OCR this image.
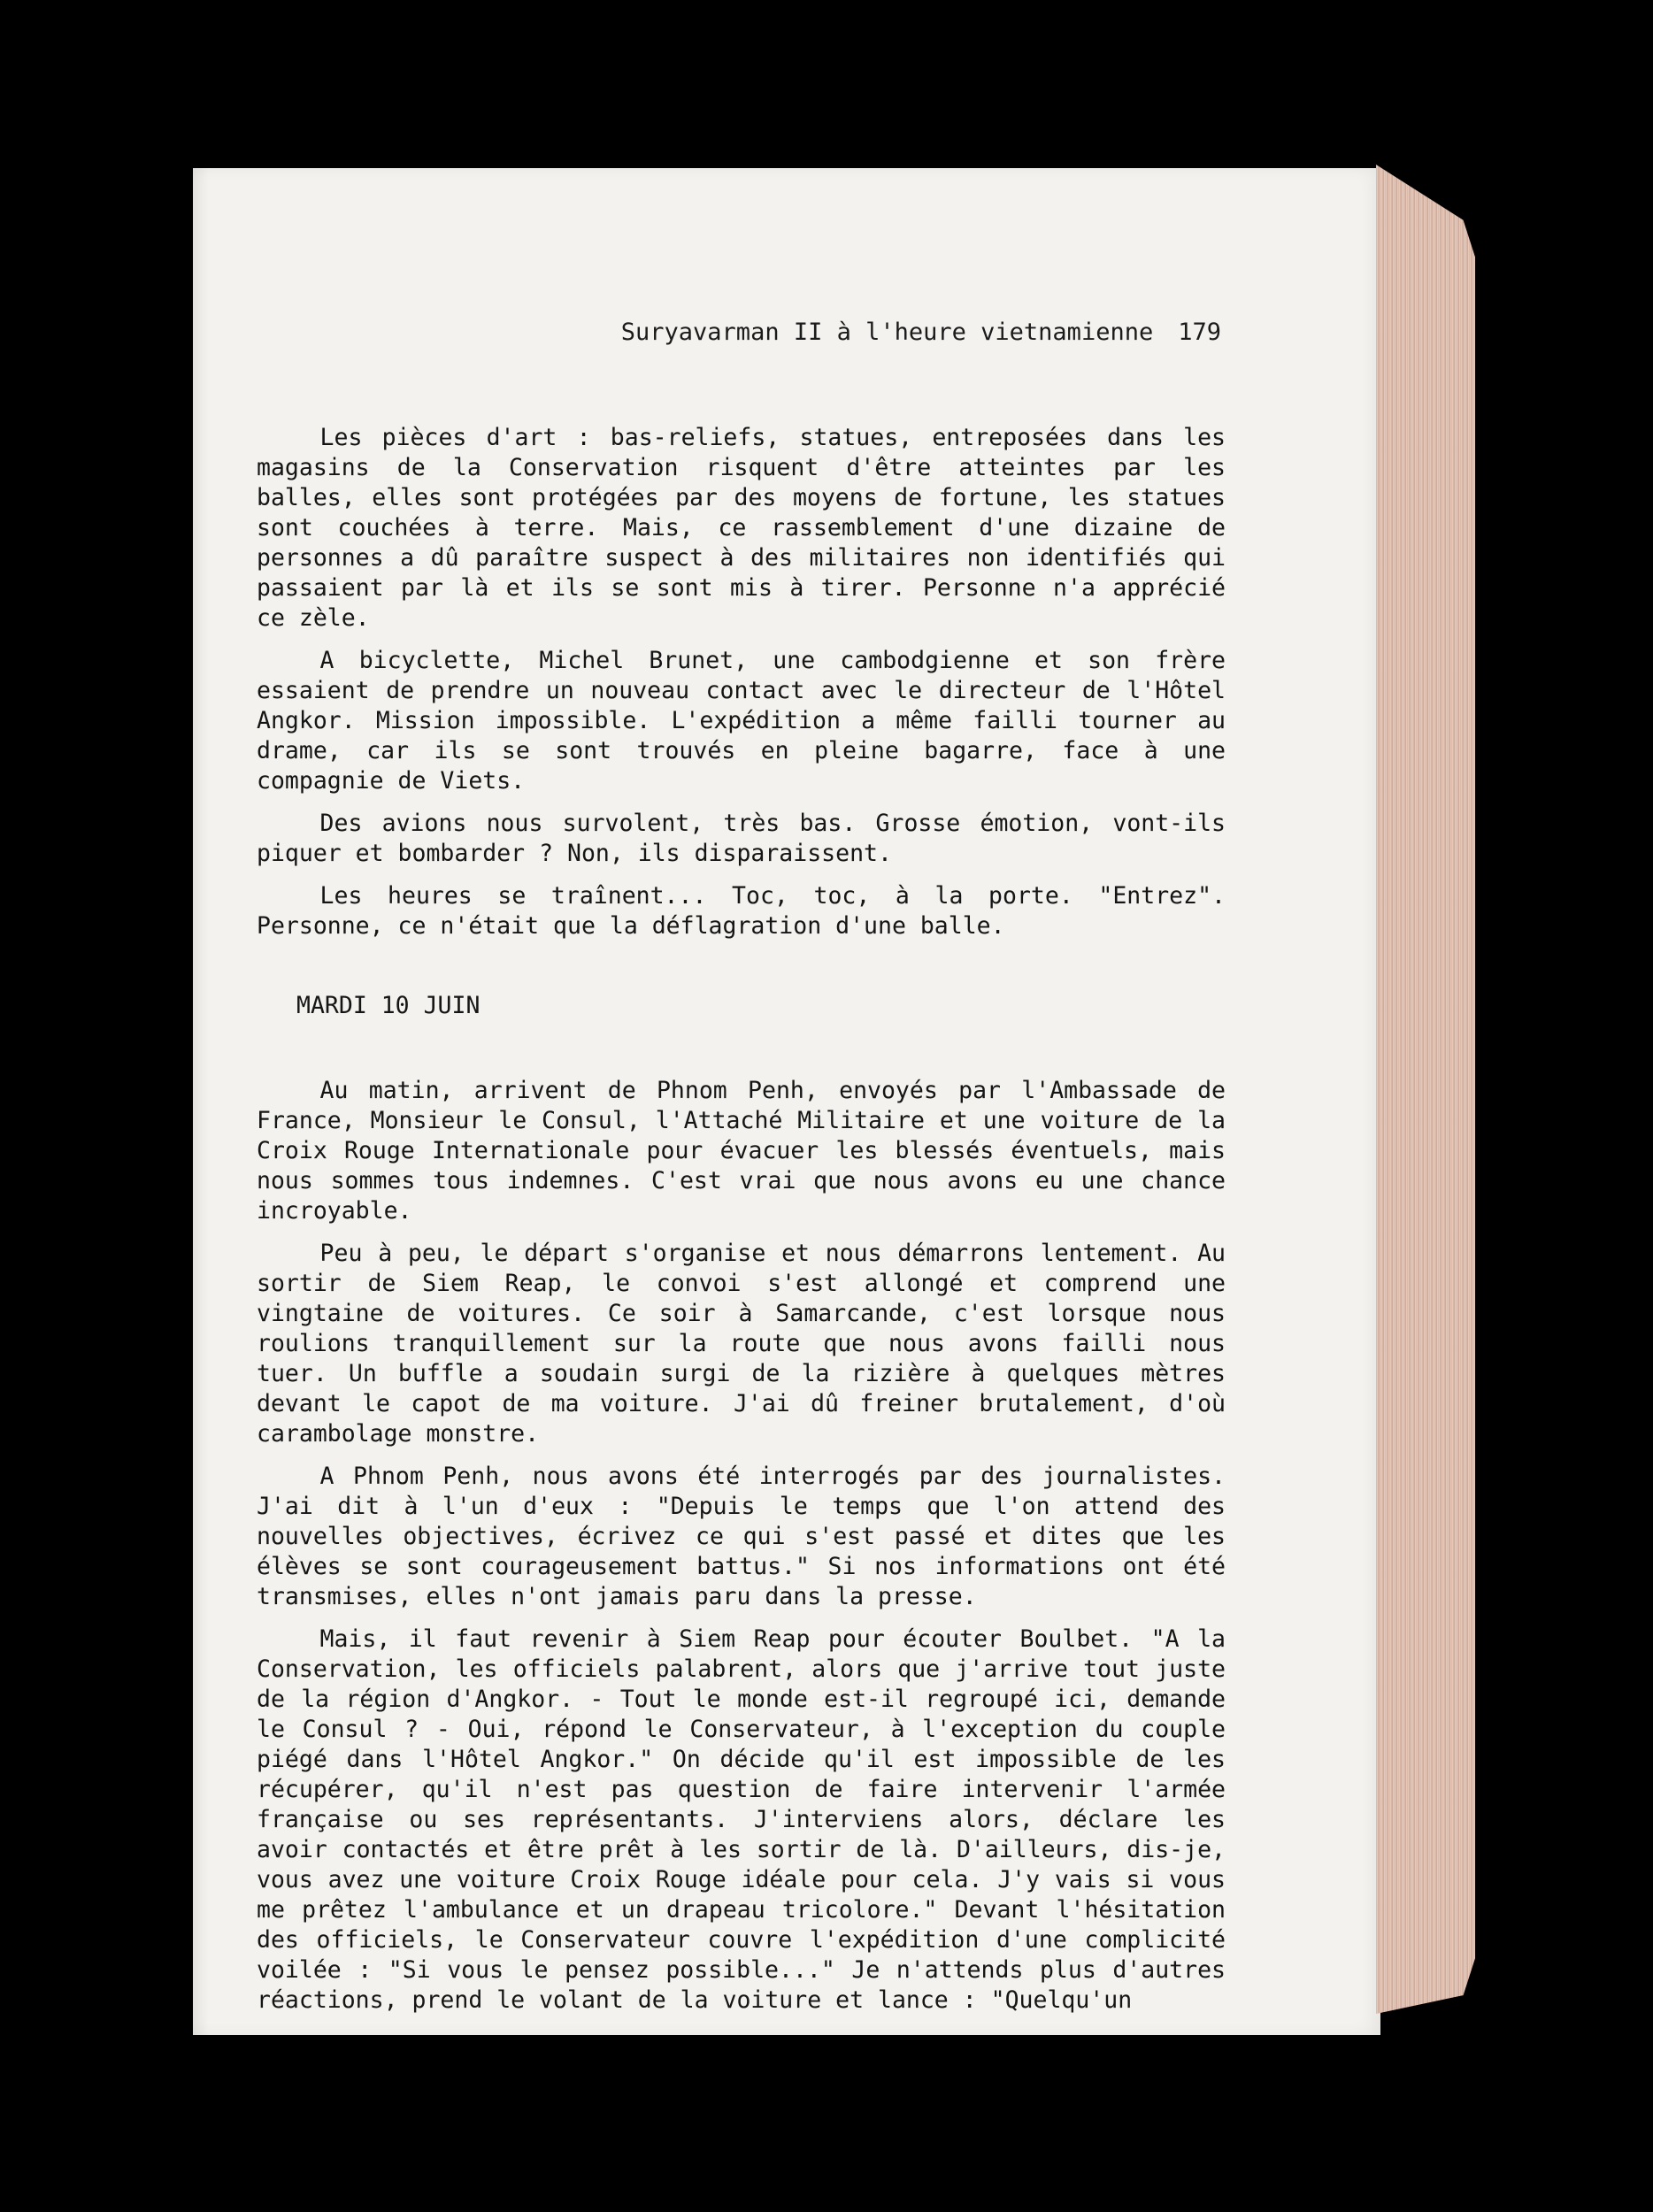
Suryavarman II à l'heure vietnamienne 179

Les pièces d'art : bas-reliefs, statues, entreposées dans les magasins de la Conservation risquent d'être atteintes par les balles, elles sont protégées par des moyens de fortune, les statues sont couchées à terre. Mais, ce rassemblement d'une dizaine de personnes a dû paraître suspect à des militaires non identifiés qui passaient par là et ils se sont mis à tirer. Personne n'a apprécié ce zèle.

A bicyclette, Michel Brunet, une cambodgienne et son frère essaient de prendre un nouveau contact avec le directeur de l'Hôtel Angkor. Mission impossible. L'expédition a même failli tourner au drame, car ils se sont trouvés en pleine bagarre, face à une compagnie de Viets.

Des avions nous survolent, très bas. Grosse émotion, vont-ils piquer et bombarder ? Non, ils disparaissent.

Les heures se traînent... Toc, toc, à la porte. "Entrez". Personne, ce n'était que la déflagration d'une balle.

MARDI 10 JUIN

Au matin, arrivent de Phnom Penh, envoyés par l'Ambassade de France, Monsieur le Consul, l'Attaché Militaire et une voiture de la Croix Rouge Internationale pour évacuer les blessés éventuels, mais nous sommes tous indemnes. C'est vrai que nous avons eu une chance incroyable.

Peu à peu, le départ s'organise et nous démarrons lentement. Au sortir de Siem Reap, le convoi s'est allongé et comprend une vingtaine de voitures. Ce soir à Samarcande, c'est lorsque nous roulions tranquillement sur la route que nous avons failli nous tuer. Un buffle a soudain surgi de la rizière à quelques mètres devant le capot de ma voiture. J'ai dû freiner brutalement, d'où carambolage monstre.

A Phnom Penh, nous avons été interrogés par des journalistes. J'ai dit à l'un d'eux : "Depuis le temps que l'on attend des nouvelles objectives, écrivez ce qui s'est passé et dites que les élèves se sont courageusement battus." Si nos informations ont été transmises, elles n'ont jamais paru dans la presse.

Mais, il faut revenir à Siem Reap pour écouter Boulbet. "A la Conservation, les officiels palabrent, alors que j'arrive tout juste de la région d'Angkor. - Tout le monde est-il regroupé ici, demande le Consul ? - Oui, répond le Conservateur, à l'exception du couple piégé dans l'Hôtel Angkor." On décide qu'il est impossible de les récupérer, qu'il n'est pas question de faire intervenir l'armée française ou ses représentants. J'interviens alors, déclare les avoir contactés et être prêt à les sortir de là. D'ailleurs, dis-je, vous avez une voiture Croix Rouge idéale pour cela. J'y vais si vous me prêtez l'ambulance et un drapeau tricolore." Devant l'hésitation des officiels, le Conservateur couvre l'expédition d'une complicité voilée : "Si vous le pensez possible..." Je n'attends plus d'autres réactions, prend le volant de la voiture et lance : "Quelqu'un
